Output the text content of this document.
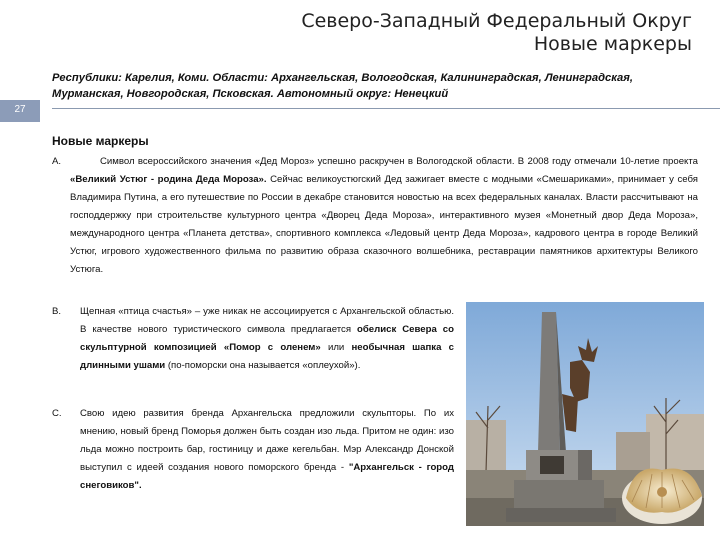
Северо-Западный Федеральный Округ
Новые маркеры
Республики: Карелия, Коми. Области: Архангельская, Вологодская, Калининградская, Ленинградская,
Мурманская, Новгородская, Псковская. Автономный округ: Ненецкий
27
Новые маркеры
A.	Символ всероссийского значения «Дед Мороз» успешно раскручен в Вологодской области. В 2008 году отмечали 10-летие проекта «Великий Устюг - родина Деда Мороза». Сейчас великоустюгский Дед зажигает вместе с модными «Смешариками», принимает у себя Владимира Путина, а его путешествие по России в декабре становится новостью на всех федеральных каналах. Власти рассчитывают на господдержку при строительстве культурного центра «Дворец Деда Мороза», интерактивного музея «Монетный двор Деда Мороза», международного центра «Планета детства», спортивного комплекса «Ледовый центр Деда Мороза», кадрового центра в городе Великий Устюг, игрового художественного фильма по развитию образа сказочного волшебника, реставрации памятников архитектуры Великого Устюга.
B. Щепная «птица счастья» – уже никак не ассоциируется с Архангельской областью. В качестве нового туристического символа предлагается обелиск Севера со скульптурной композицией «Помор с оленем» или необычная шапка с длинными ушами (по-поморски она называется «оплеухой»).
C. Свою идею развития бренда Архангельска предложили скульпторы. По их мнению, новый бренд Поморья должен быть создан изо льда. Притом не один: изо льда можно построить бар, гостиницу и даже кегельбан. Мэр Александр Донской выступил с идеей создания нового поморского бренда - "Архангельск - город снеговиков".
